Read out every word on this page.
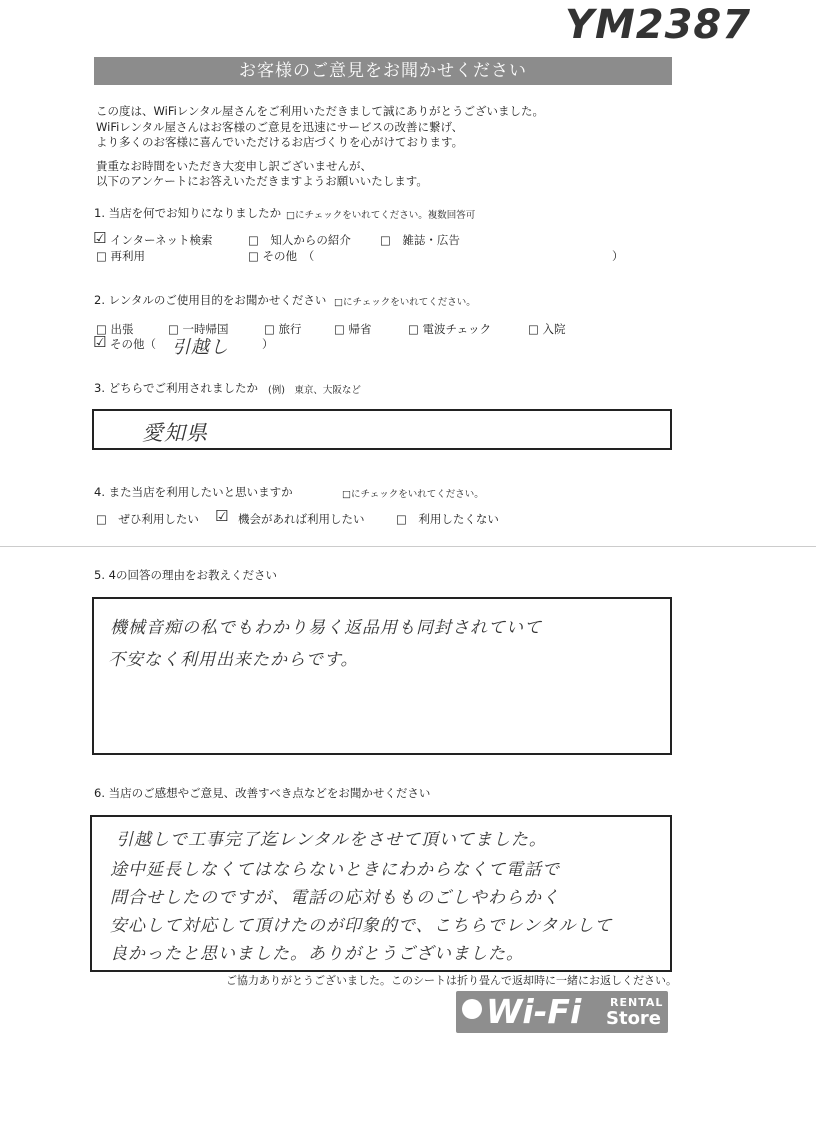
YM2387
お客様のご意見をお聞かせください
この度は、WiFiレンタル屋さんをご利用いただきまして誠にありがとうございました。
WiFiレンタル屋さんはお客様のご意見を迅速にサービスの改善に繋げ、
より多くのお客様に喜んでいただけるお店づくりを心がけております。
貴重なお時間をいただき大変申し訳ございませんが、
以下のアンケートにお答えいただきますようお願いいたします。
1. 当店を何でお知りになりましたか □にチェックをいれてください。複数回答可
☑ インターネット検索	□　知人からの紹介	□　雑誌・広告
□ 再利用	□ その他　（	）
2. レンタルのご使用目的をお聞かせください □にチェックをいれてください。
□ 出張	□ 一時帰国	□ 旅行	□ 帰省	□ 電波チェック	□ 入院
☑ その他（ 引越し	）
3. どちらでご利用されましたか (例)　東京、大阪など
愛知県
4. また当店を利用したいと思いますか	□にチェックをいれてください。
□　ぜひ利用したい ☑ 機会があれば利用したい	□　利用したくない
5. 4の回答の理由をお教えください
機械音痴の私でもわかり易く返品用も同封されていて
不安なく利用出来たからです。
6. 当店のご感想やご意見、改善すべき点などをお聞かせください
引越しで工事完了迄レンタルをさせて頂いてました。
途中延長しなくてはならないときにわからなくて電話で
問合せしたのですが、電話の応対もものごしやわらかく
安心して対応して頂けたのが印象的で、こちらでレンタルして
良かったと思いました。ありがとうございました。
ご協力ありがとうございました。このシートは折り畳んで返却時に一緒にお返しください。
Wi-Fi	RENTAL
Store
